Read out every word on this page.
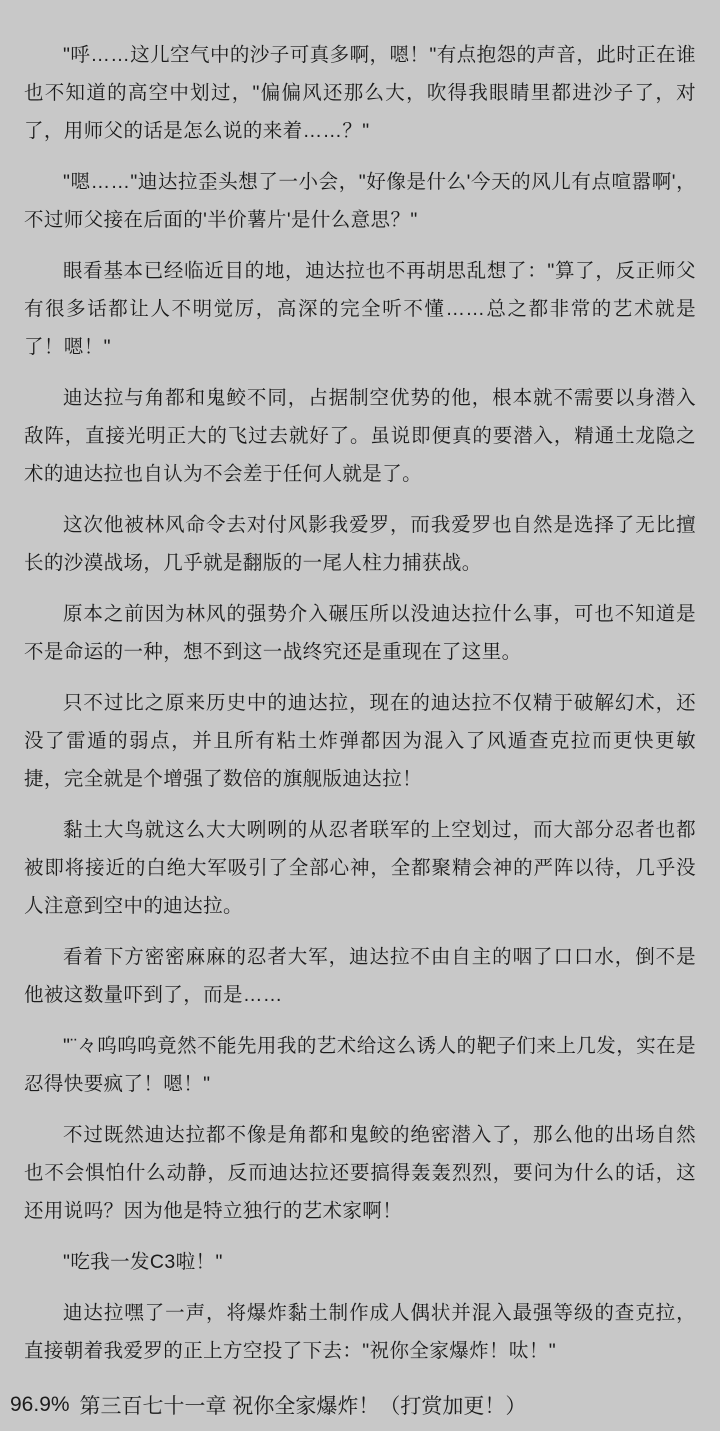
"呼……这儿空气中的沙子可真多啊，嗯！"有点抱怨的声音，此时正在谁也不知道的高空中划过，"偏偏风还那么大，吹得我眼睛里都进沙子了，对了，用师父的话是怎么说的来着……？"

"嗯……"迪达拉歪头想了一小会，"好像是什么'今天的风儿有点喧嚣啊'，不过师父接在后面的'半价薯片'是什么意思？"

眼看基本已经临近目的地，迪达拉也不再胡思乱想了："算了，反正师父有很多话都让人不明觉厉，高深的完全听不懂……总之都非常的艺术就是了！嗯！"

迪达拉与角都和鬼鲛不同，占据制空优势的他，根本就不需要以身潜入敌阵，直接光明正大的飞过去就好了。虽说即便真的要潜入，精通土龙隐之术的迪达拉也自认为不会差于任何人就是了。

这次他被林风命令去对付风影我爱罗，而我爱罗也自然是选择了无比擅长的沙漠战场，几乎就是翻版的一尾人柱力捕获战。

原本之前因为林风的强势介入碾压所以没迪达拉什么事，可也不知道是不是命运的一种，想不到这一战终究还是重现在了这里。

只不过比之原来历史中的迪达拉，现在的迪达拉不仅精于破解幻术，还没了雷遁的弱点，并且所有粘土炸弹都因为混入了风遁查克拉而更快更敏捷，完全就是个增强了数倍的旗舰版迪达拉！

黏土大鸟就这么大大咧咧的从忍者联军的上空划过，而大部分忍者也都被即将接近的白绝大军吸引了全部心神，全都聚精会神的严阵以待，几乎没人注意到空中的迪达拉。

看着下方密密麻麻的忍者大军，迪达拉不由自主的咽了口口水，倒不是他被这数量吓到了，而是……

"¨々呜呜呜竟然不能先用我的艺术给这么诱人的靶子们来上几发，实在是忍得快要疯了！嗯！"

不过既然迪达拉都不像是角都和鬼鲛的绝密潜入了，那么他的出场自然也不会惧怕什么动静，反而迪达拉还要搞得轰轰烈烈，要问为什么的话，这还用说吗？因为他是特立独行的艺术家啊！

"吃我一发C3啦！"

迪达拉嘿了一声，将爆炸黏土制作成人偶状并混入最强等级的查克拉，直接朝着我爱罗的正上方空投了下去："祝你全家爆炸！呔！"

96.9% 第三百七十一章 祝你全家爆炸！（打赏加更！）
